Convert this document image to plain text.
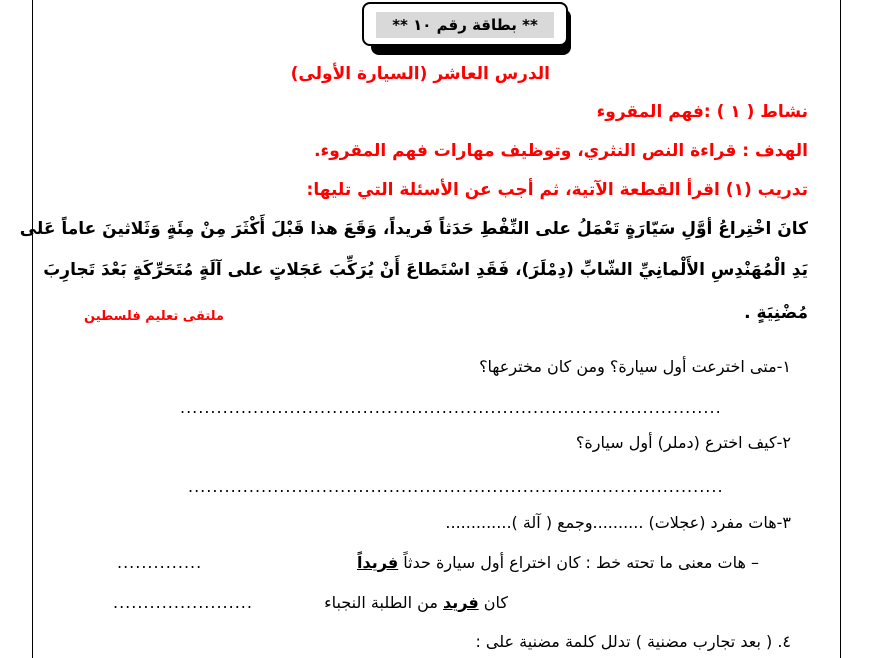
** بطاقة رقم ١٠ **
الدرس العاشر (السيارة الأولى)
نشاط ( ١ ) :فهم المقروء
الهدف : قراءة النص النثري، وتوظيف مهارات فهم المقروء.
تدريب (١) اقرأ القطعة الآتية، ثم أجب عن الأسئلة التي تليها:
كانَ اخْتِراعُ أوَّلِ سَيّارَةٍ تَعْمَلُ على النِّفْطِ حَدَثاً فَريداً، وَقَعَ هذا قَبْلَ أَكْثَرَ مِنْ مِئَةٍ وَثَلاثينَ عاماً عَلى
يَدِ الْمُهَنْدِسِ الأَلْمانِيِّ الشّابِّ (دِمْلَرَ)، فَقَدِ اسْتَطاعَ أَنْ يُرَكِّبَ عَجَلاتٍ على آلَةٍ مُتَحَرِّكَةٍ بَعْدَ تَجارِبَ
مُضْنِيَةٍ .
ملتقى تعليم فلسطين
١-متى اخترعت أول سيارة؟ ومن كان مخترعها؟
.........................................................................................
٢-كيف اخترع (دملر) أول سيارة؟
........................................................................................
٣-هات مفرد (عجلات) ..........وجمع ( آلة ).............
– هات معنى ما تحته خط : كان اختراع أول سيارة حدثاً فريداً
..............
كان فريد من الطلبة النجباء
.......................
٤. ( بعد تجارب مضنية ) تدلل كلمة مضنية على :
